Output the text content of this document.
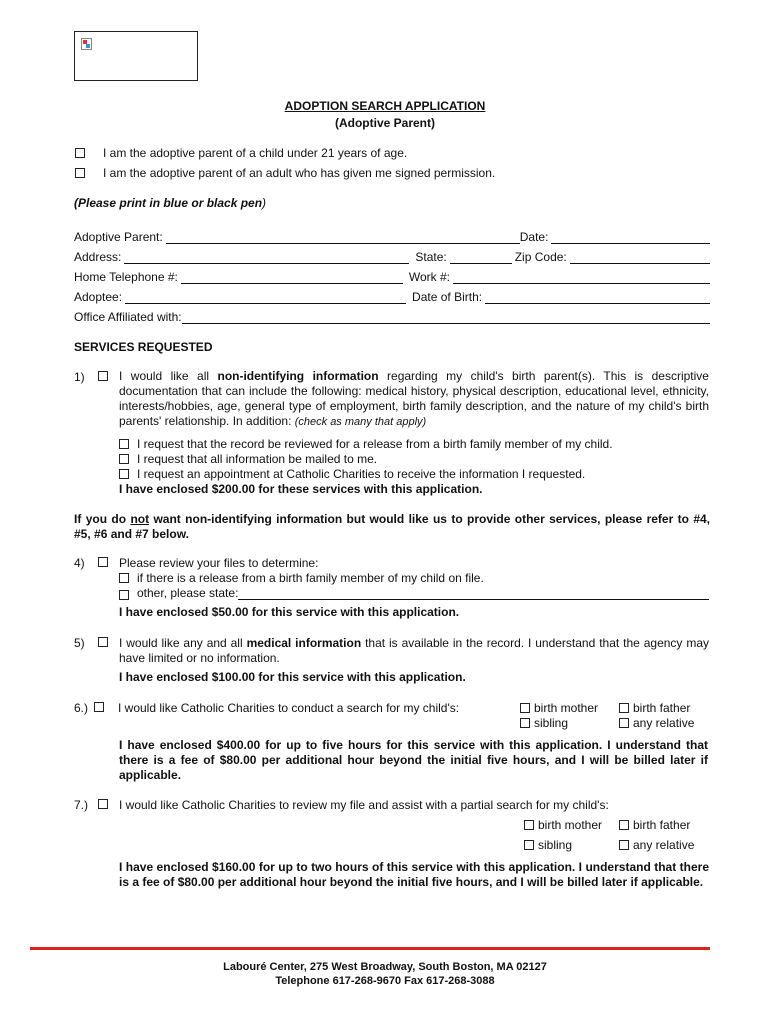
ADOPTION SEARCH APPLICATION
(Adoptive Parent)
I am the adoptive parent of a child under 21 years of age.
I am the adoptive parent of an adult who has given me signed permission.
(Please print in blue or black pen)
Adoptive Parent:	Date:
Address:	State:	Zip Code:
Home Telephone #:	Work #:
Adoptee:	Date of Birth:
Office Affiliated with:
SERVICES REQUESTED
1)	I would like all non-identifying information regarding my child's birth parent(s). This is descriptive documentation that can include the following: medical history, physical description, educational level, ethnicity, interests/hobbies, age, general type of employment, birth family description, and the nature of my child's birth parents' relationship. In addition: (check as many that apply)
I request that the record be reviewed for a release from a birth family member of my child.
I request that all information be mailed to me.
I request an appointment at Catholic Charities to receive the information I requested.
I have enclosed $200.00 for these services with this application.
If you do not want non-identifying information but would like us to provide other services, please refer to #4, #5, #6 and #7 below.
4)	Please review your files to determine:
if there is a release from a birth family member of my child on file.
other, please state:
I have enclosed $50.00 for this service with this application.
5)	I would like any and all medical information that is available in the record. I understand that the agency may have limited or no information.
I have enclosed $100.00 for this service with this application.
6.) I would like Catholic Charities to conduct a search for my child's:	birth mother	birth father
sibling	any relative
I have enclosed $400.00 for up to five hours for this service with this application. I understand that there is a fee of $80.00 per additional hour beyond the initial five hours, and I will be billed later if applicable.
7.)	I would like Catholic Charities to review my file and assist with a partial search for my child's:
birth mother	birth father
sibling	any relative
I have enclosed $160.00 for up to two hours of this service with this application. I understand that there is a fee of $80.00 per additional hour beyond the initial five hours, and I will be billed later if applicable.
Labouré Center, 275 West Broadway, South Boston, MA 02127
Telephone 617-268-9670 Fax 617-268-3088
